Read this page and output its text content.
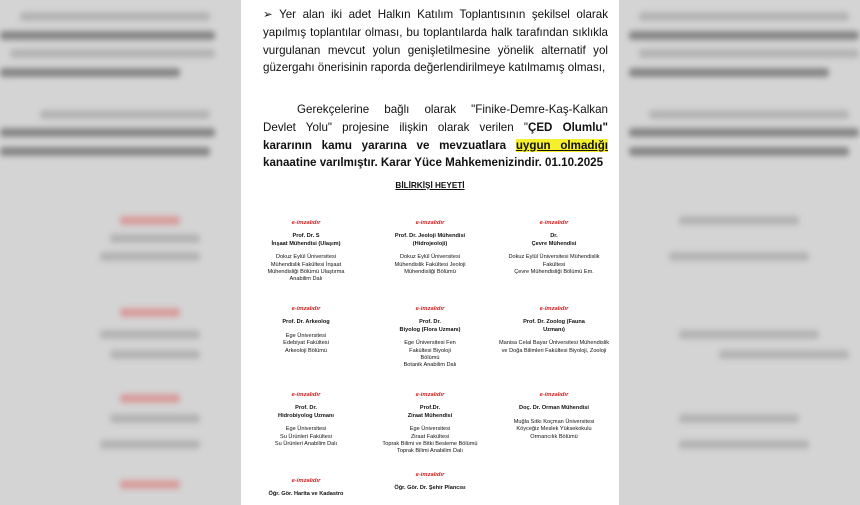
➢ Yer alan iki adet Halkın Katılım Toplantısının şekilsel olarak yapılmış toplantılar olması, bu toplantılarda halk tarafından sıklıkla vurgulanan mevcut yolun genişletilmesine yönelik alternatif yol güzergahı önerisinin raporda değerlendirilmeye katılmamış olması,
Gerekçelerine bağlı olarak "Finike-Demre-Kaş-Kalkan Devlet Yolu" projesine ilişkin olarak verilen "ÇED Olumlu" kararının kamu yararına ve mevzuatlara uygun olmadığı kanaatine varılmıştır. Karar Yüce Mahkemenizindir. 01.10.2025
BİLİRKİŞİ HEYETİ
e-imzalıdır
Prof. Dr. S
İnşaat Mühendisi (Ulaşım)
Dokuz Eylül Üniversitesi
Mühendislik Fakültesi İnşaat
Mühendisliği Bölümü Ulaştırma
Anabilim Dalı
e-imzalıdır
Prof. Dr. Jeoloji Mühendisi
(Hidrojeoloji)
Dokuz Eylül Üniversitesi
Mühendislik Fakültesi Jeoloji
Mühendisliği Bölümü
e-imzalıdır
Dr.
Çevre Mühendisi
Dokuz Eylül Üniversitesi Mühendislik
Fakültesi
Çevre Mühendisliği Bölümü Em.
e-imzalıdır
Prof. Dr. Arkeolog
Ege Üniversitesi
Edebiyat Fakültesi
Arkeoloji Bölümü
e-imzalıdır
Prof. Dr.
Biyolog (Flora Uzmanı)
Ege Üniversitesi Fen
Fakültesi Biyoloji
Bölümü
Botanik Anabilim Dalı
e-imzalıdır
Prof. Dr. Zoolog (Fauna
Uzmanı)
Manisa Celal Bayar Üniversitesi Mühendislik
ve Doğa Bilimleri Fakültesi Biyoloji, Zooloji
e-imzalıdır
Prof. Dr.
Hidrobiyolog Uzmanı
Ege Üniversitesi
Su Ürünleri Fakültesi
Su Ürünleri Anabilim Dalı
e-imzalıdır
Prof.Dr.
Ziraat Mühendisi
Ege Üniversitesi
Ziraat Fakültesi
Toprak Bilimi ve Bitki Besleme Bölümü
Toprak Bilimi Anabilim Dalı
e-imzalıdır
Doç. Dr. Orman Mühendisi
Muğla Sıtkı Koçman Üniversitesi
Köyceğiz Meslek Yüksekokulu
Ormancılık Bölümü
e-imzalıdır
Öğr. Gör. Harita ve Kadastro
e-imzalıdır
Öğr. Gör. Dr. Şehir Plancısı
